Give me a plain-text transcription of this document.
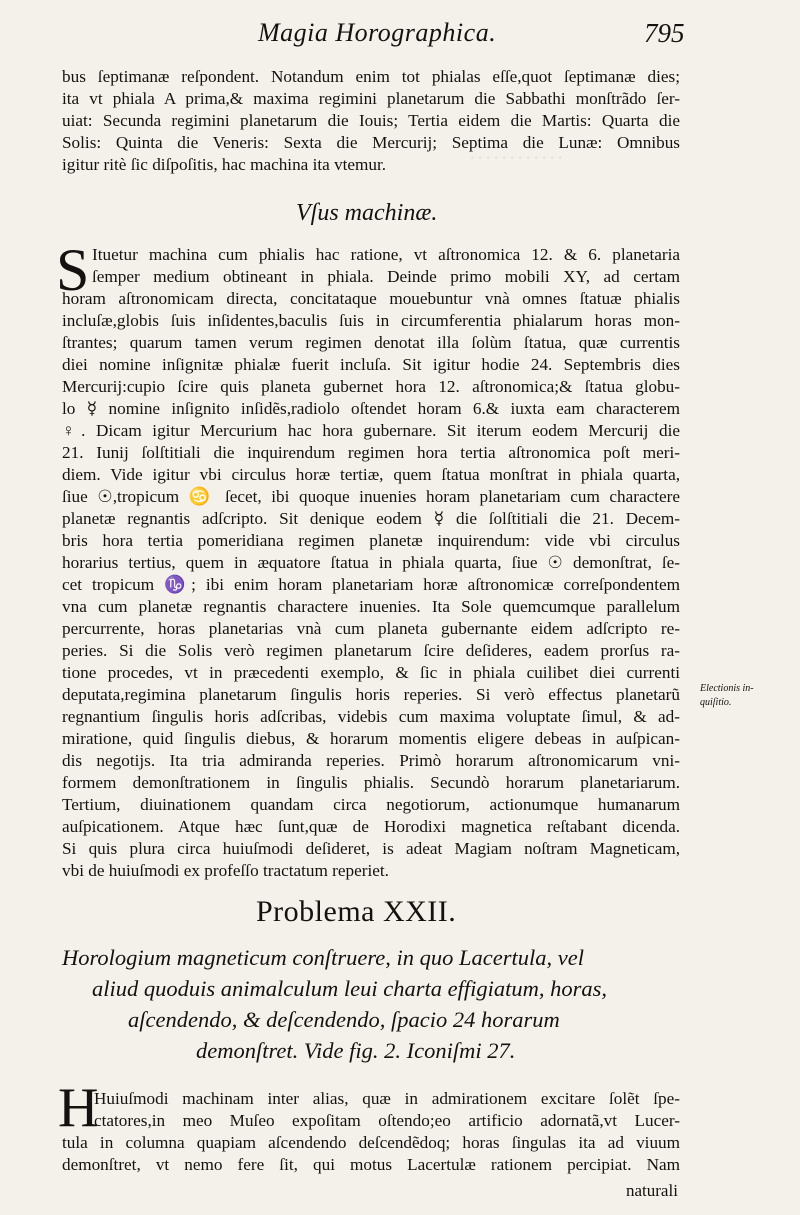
Magia Horographica.	795
· · · · · · · · · · · ·
bus ſeptimanæ reſpondent. Notandum enim tot phialas eſſe,quot ſeptimanæ dies;
ita vt phiala A prima,& maxima regimini planetarum die Sabbathi monſtrãdo ſer-
uiat: Secunda regimini planetarum die Iouis; Tertia eidem die Martis: Quarta die
Solis: Quinta die Veneris: Sexta die Mercurij; Septima die Lunæ: Omnibus
igitur ritè ſic diſpoſitis, hac machina ita vtemur.
Vſus machinæ.
S Ituetur machina cum phialis hac ratione, vt aſtronomica 12. & 6. planetaria
ſemper medium obtineant in phiala. Deinde primo mobili XY, ad certam
horam aſtronomicam directa, concitataque mouebuntur vnà omnes ſtatuæ phialis
incluſæ,globis ſuis inſidentes,baculis ſuis in circumferentia phialarum horas mon-
ſtrantes; quarum tamen verum regimen denotat illa ſolùm ſtatua, quæ currentis
diei nomine inſignitæ phialæ fuerit incluſa. Sit igitur hodie 24. Septembris dies
Mercurij:cupio ſcire quis planeta gubernet hora 12. aſtronomica;& ſtatua globu-
lo ☿ nomine inſignito inſidẽs,radiolo oſtendet horam 6.& iuxta eam characterem
♀. Dicam igitur Mercurium hac hora gubernare. Sit iterum eodem Mercurij die
21. Iunij ſolſtitiali die inquirendum regimen hora tertia aſtronomica poſt meri-
diem. Vide igitur vbi circulus horæ tertiæ, quem ſtatua monſtrat in phiala quarta,
ſiue ☉,tropicum ♋ ſecet, ibi quoque inuenies horam planetariam cum charactere
planetæ regnantis adſcripto. Sit denique eodem ☿ die ſolſtitiali die 21. Decem-
bris hora tertia pomeridiana regimen planetæ inquirendum: vide vbi circulus
horarius tertius, quem in æquatore ſtatua in phiala quarta, ſiue ☉ demonſtrat, ſe-
cet tropicum ♑; ibi enim horam planetariam horæ aſtronomicæ correſpondentem
vna cum planetæ regnantis charactere inuenies. Ita Sole quemcumque parallelum
percurrente, horas planetarias vnà cum planeta gubernante eidem adſcripto re-
peries. Si die Solis verò regimen planetarum ſcire deſideres, eadem prorſus ra-
tione procedes, vt in præcedenti exemplo, & ſic in phiala cuilibet diei currenti
deputata,regimina planetarum ſingulis horis reperies. Si verò effectus planetarũ
regnantium ſingulis horis adſcribas, videbis cum maxima voluptate ſimul, & ad-
miratione, quid ſingulis diebus, & horarum momentis eligere debeas in auſpican-
dis negotijs. Ita tria admiranda reperies. Primò horarum aſtronomicarum vni-
formem demonſtrationem in ſingulis phialis. Secundò horarum planetariarum.
Tertium, diuinationem quandam circa negotiorum, actionumque humanarum
auſpicationem. Atque hæc ſunt,quæ de Horodixi magnetica reſtabant dicenda.
Si quis plura circa huiuſmodi deſideret, is adeat Magiam noſtram Magneticam,
vbi de huiuſmodi ex profeſſo tractatum reperiet.
Electionis in-
quiſitio.
Problema XXII.
Horologium magneticum conſtruere, in quo Lacertula, vel
aliud quoduis animalculum leui charta effigiatum, horas,
aſcendendo, & deſcendendo, ſpacio 24 horarum
demonſtret. Vide fig. 2. Iconiſmi 27.
H
Huiuſmodi machinam inter alias, quæ in admirationem excitare ſolẽt ſpe-
ctatores,in meo Muſeo expoſitam oſtendo;eo artificio adornatã,vt Lucer-
tula in columna quapiam aſcendendo deſcendẽdoq; horas ſingulas ita ad viuum
demonſtret, vt nemo fere ſit, qui motus Lacertulæ rationem percipiat. Nam
naturali
